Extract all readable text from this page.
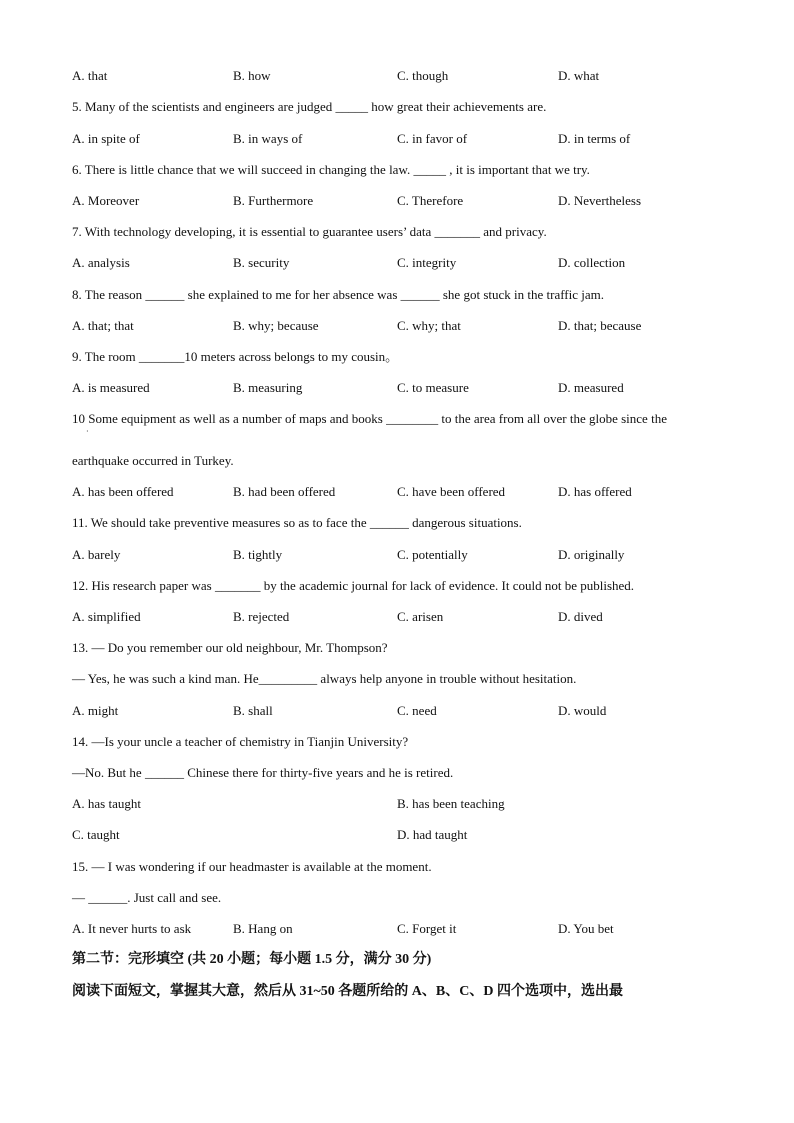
A. that	B. how	C. though	D. what
5. Many of the scientists and engineers are judged _____ how great their achievements are.
A. in spite of	B. in ways of	C. in favor of	D. in terms of
6. There is little chance that we will succeed in changing the law. _____ , it is important that we try.
A. Moreover	B. Furthermore	C. Therefore	D. Nevertheless
7. With technology developing, it is essential to guarantee users’ data _______ and privacy.
A. analysis	B. security	C. integrity	D. collection
8. The reason ______ she explained to me for her absence was ______ she got stuck in the traffic jam.
A. that; that	B. why; because	C. why; that	D. that; because
9. The room _______10 meters across belongs to my cousin。
A. is measured	B. measuring	C. to measure	D. measured
10 Some equipment as well as a number of maps and books ________ to the area from all over the globe since the
·
earthquake occurred in Turkey.
A. has been offered	B. had been offered	C. have been offered	D. has offered
11. We should take preventive measures so as to face the ______ dangerous situations.
A. barely	B. tightly	C. potentially	D. originally
12. His research paper was _______ by the academic journal for lack of evidence. It could not be published.
A. simplified	B. rejected	C. arisen	D. dived
13. — Do you remember our old neighbour, Mr. Thompson?
— Yes, he was such a kind man. He_________ always help anyone in trouble without hesitation.
A. might	B. shall	C. need	D. would
14. —Is your uncle a teacher of chemistry in Tianjin University?
—No. But he ______ Chinese there for thirty-five years and he is retired.
A. has taught	B. has been teaching
C. taught	D. had taught
15. — I was wondering if our headmaster is available at the moment.
— ______. Just call and see.
A. It never hurts to ask	B. Hang on	C. Forget it	D. You bet
第二节：完形填空 (共 20 小题；每小题 1.5 分，满分 30 分)
阅读下面短文，掌握其大意，然后从 31~50 各题所给的 A、B、C、D 四个选项中，选出最
